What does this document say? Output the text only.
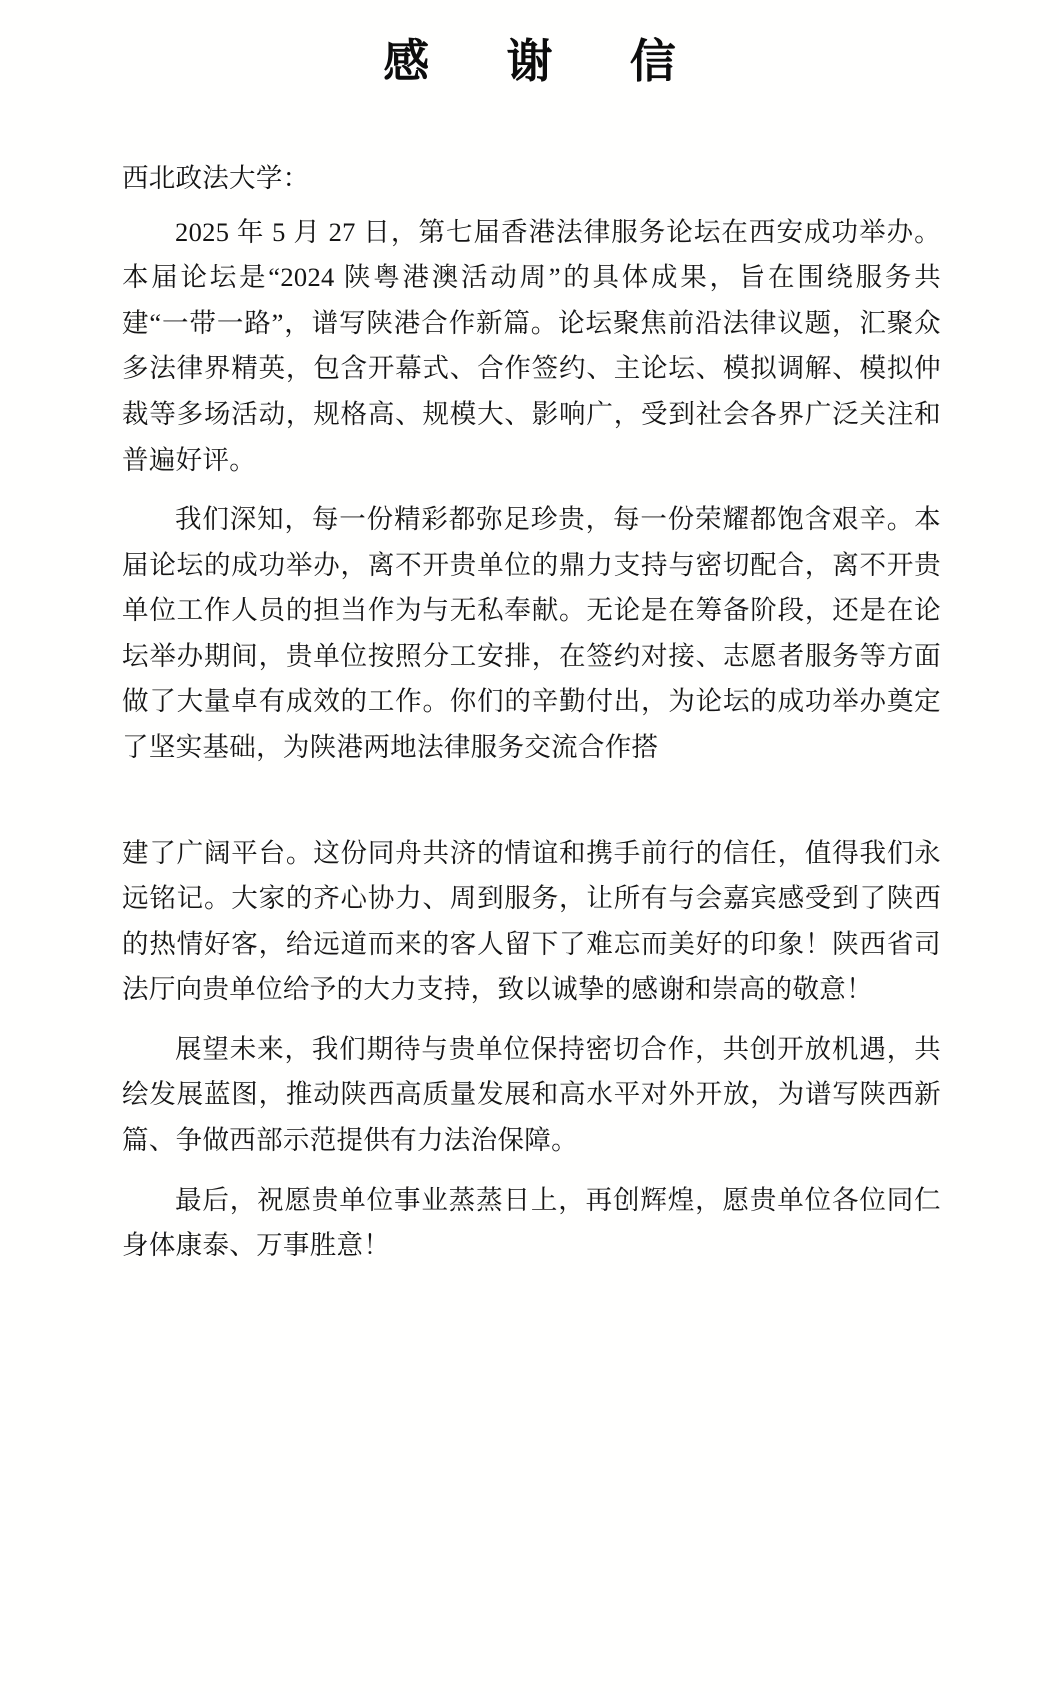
感　谢　信
西北政法大学：

2025 年 5 月 27 日，第七届香港法律服务论坛在西安成功举办。本届论坛是“2024 陕粤港澳活动周”的具体成果，旨在围绕服务共建“一带一路”，谱写陕港合作新篇。论坛聚焦前沿法律议题，汇聚众多法律界精英，包含开幕式、合作签约、主论坛、模拟调解、模拟仲裁等多场活动，规格高、规模大、影响广，受到社会各界广泛关注和普遍好评。

我们深知，每一份精彩都弥足珍贵，每一份荣耀都饱含艰辛。本届论坛的成功举办，离不开贵单位的鼎力支持与密切配合，离不开贵单位工作人员的担当作为与无私奉献。无论是在筹备阶段，还是在论坛举办期间，贵单位按照分工安排，在签约对接、志愿者服务等方面做了大量卓有成效的工作。你们的辛勤付出，为论坛的成功举办奠定了坚实基础，为陕港两地法律服务交流合作搭

建了广阔平台。这份同舟共济的情谊和携手前行的信任，值得我们永远铭记。大家的齐心协力、周到服务，让所有与会嘉宾感受到了陕西的热情好客，给远道而来的客人留下了难忘而美好的印象！陕西省司法厅向贵单位给予的大力支持，致以诚挚的感谢和崇高的敬意！

展望未来，我们期待与贵单位保持密切合作，共创开放机遇，共绘发展蓝图，推动陕西高质量发展和高水平对外开放，为谱写陕西新篇、争做西部示范提供有力法治保障。

最后，祝愿贵单位事业蒸蒸日上，再创辉煌，愿贵单位各位同仁身体康泰、万事胜意！
